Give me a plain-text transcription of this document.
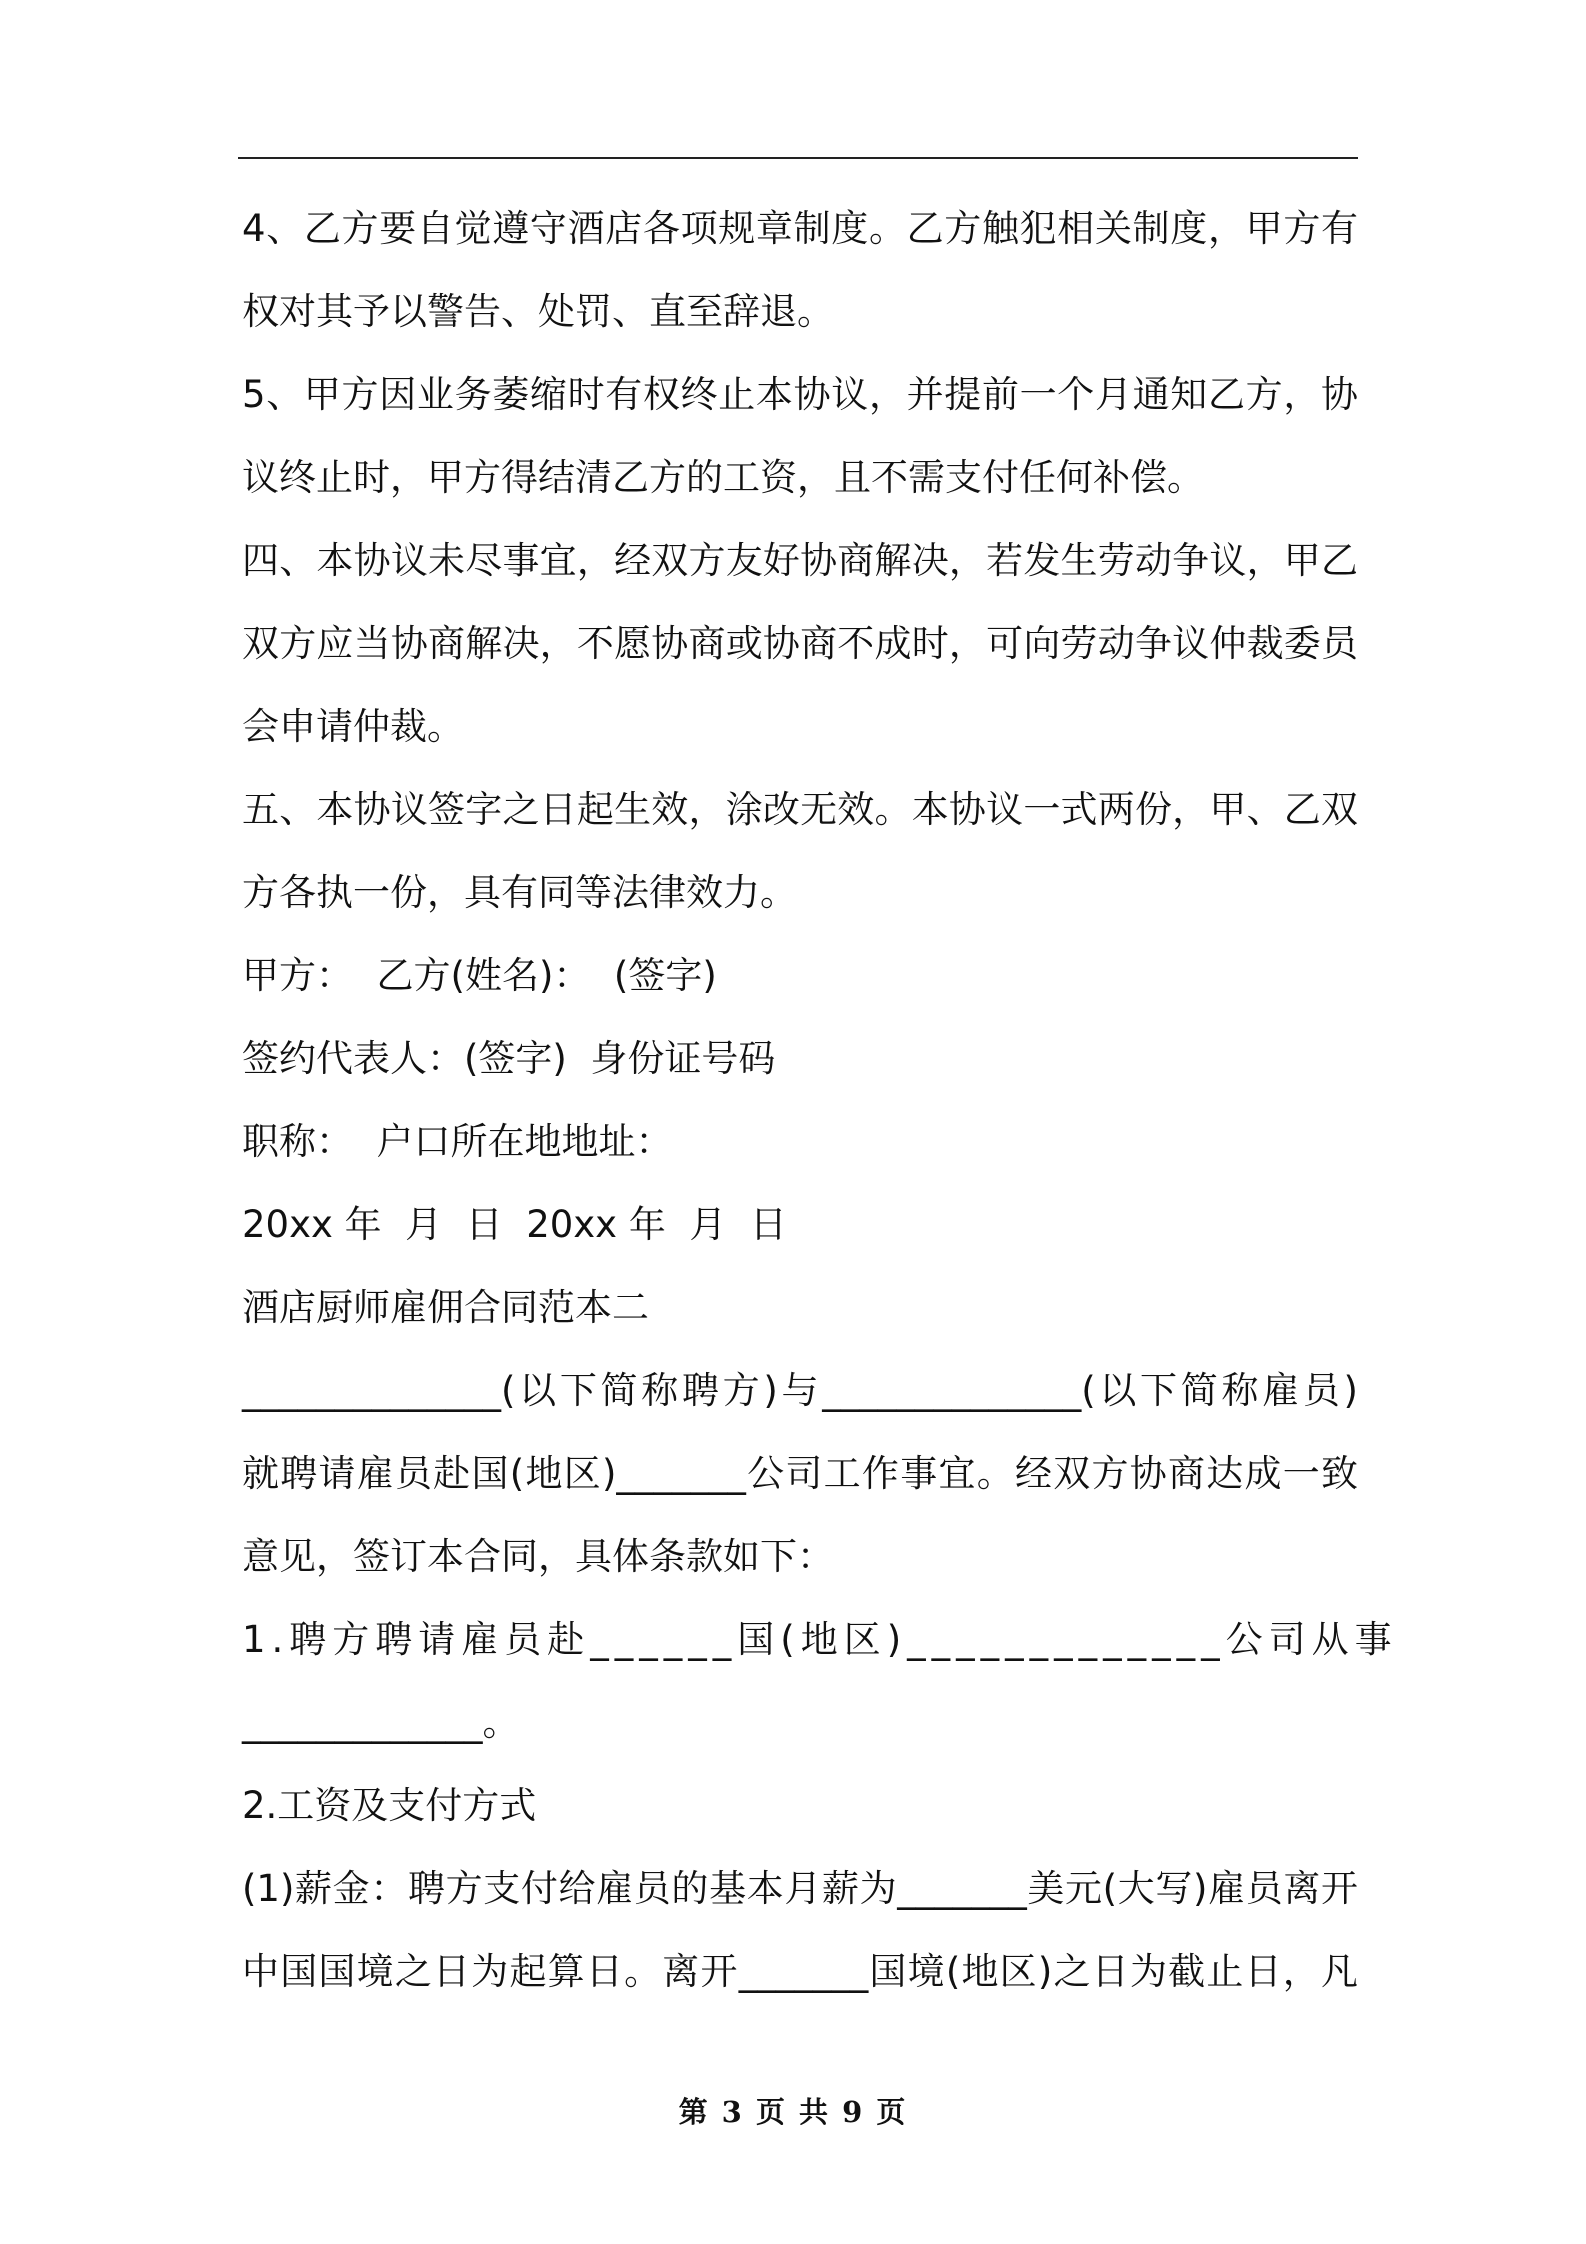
4、乙方要自觉遵守酒店各项规章制度。乙方触犯相关制度，甲方有
权对其予以警告、处罚、直至辞退。
5、甲方因业务萎缩时有权终止本协议，并提前一个月通知乙方，协
议终止时，甲方得结清乙方的工资，且不需支付任何补偿。
四、本协议未尽事宜，经双方友好协商解决，若发生劳动争议，甲乙
双方应当协商解决，不愿协商或协商不成时，可向劳动争议仲裁委员
会申请仲裁。
五、本协议签字之日起生效，涂改无效。本协议一式两份，甲、乙双
方各执一份，具有同等法律效力。
甲方：  乙方(姓名)：  (签字)
签约代表人：(签字)  身份证号码
职称：  户口所在地地址：
20xx 年  月  日  20xx 年  月  日
酒店厨师雇佣合同范本二
______________(以下简称聘方)与______________(以下简称雇员)
就聘请雇员赴国(地区)_______公司工作事宜。经双方协商达成一致
意见，签订本合同，具体条款如下：
1.聘方聘请雇员赴______国(地区)_____________公司从事
_____________。
2.工资及支付方式
(1)薪金：聘方支付给雇员的基本月薪为_______美元(大写)雇员离开
中国国境之日为起算日。离开_______国境(地区)之日为截止日，凡
第 3 页 共 9 页
